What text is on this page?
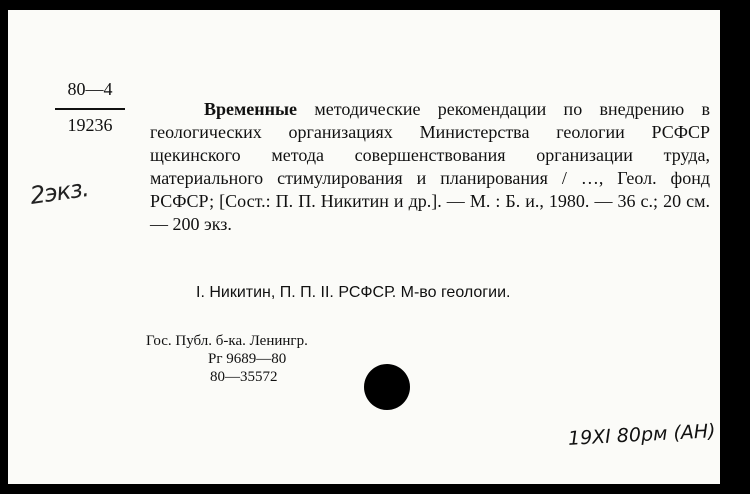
80—4
19236
2экз.
Временные методические рекомендации по внедрению в геологических организациях Министерства геологии РСФСР щекинского метода совершенствования организации труда, материального стимулирования и планирования / …, Геол. фонд РСФСР; [Сост.: П. П. Никитин и др.]. — М. : Б. и., 1980. — 36 с.; 20 см. — 200 экз.
I. Никитин, П. П. II. РСФСР. М-во геологии.
Гос. Публ. б-ка. Ленингр.
Рг 9689—80
80—35572
19XI 80рм (АН)
